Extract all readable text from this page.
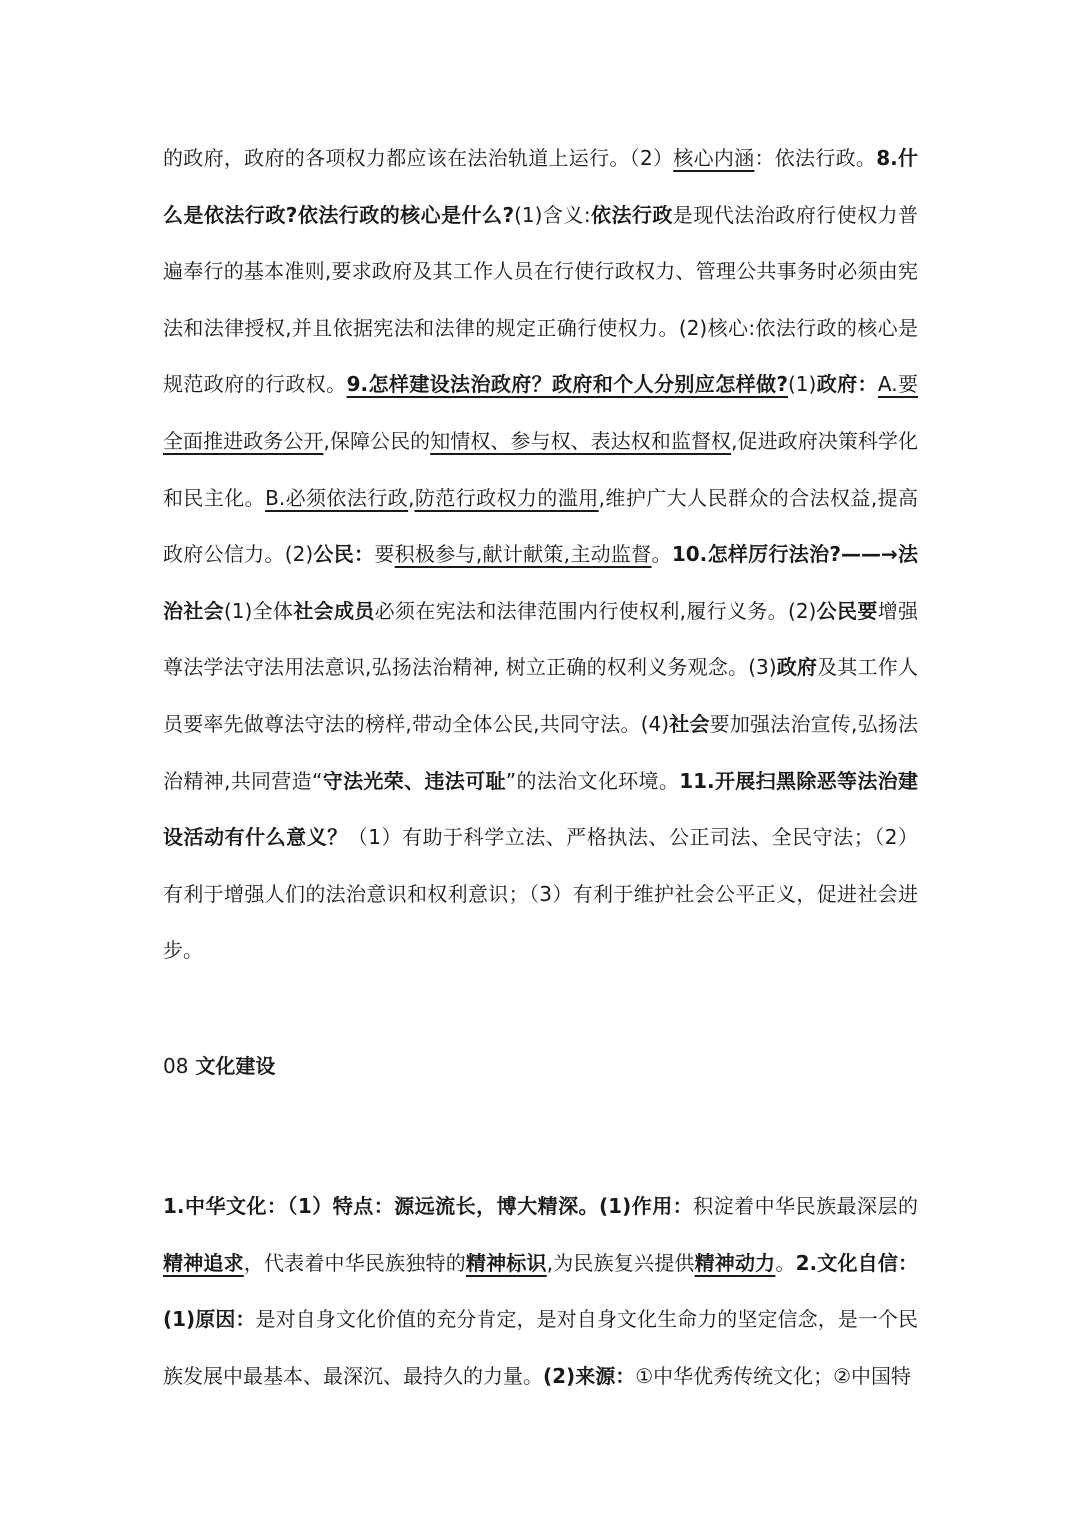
的政府，政府的各项权力都应该在法治轨道上运行。（2）核心内涵：依法行政。8.什么是依法行政?依法行政的核心是什么?(1)含义:依法行政是现代法治政府行使权力普遍奉行的基本准则,要求政府及其工作人员在行使行政权力、管理公共事务时必须由宪法和法律授权,并且依据宪法和法律的规定正确行使权力。(2)核心:依法行政的核心是规范政府的行政权。9.怎样建设法治政府？政府和个人分别应怎样做?(1)政府：A.要全面推进政务公开,保障公民的知情权、参与权、表达权和监督权,促进政府决策科学化和民主化。B.必须依法行政,防范行政权力的滥用,维护广大人民群众的合法权益,提高政府公信力。(2)公民：要积极参与,献计献策,主动监督。10.怎样厉行法治?——→法治社会(1)全体社会成员必须在宪法和法律范围内行使权利,履行义务。(2)公民要增强尊法学法守法用法意识,弘扬法治精神, 树立正确的权利义务观念。(3)政府及其工作人员要率先做尊法守法的榜样,带动全体公民,共同守法。(4)社会要加强法治宣传,弘扬法治精神,共同营造“守法光荣、违法可耻”的法治文化环境。11.开展扫黑除恶等法治建设活动有什么意义？（1）有助于科学立法、严格执法、公正司法、全民守法；（2）有利于增强人们的法治意识和权利意识；（3）有利于维护社会公平正义，促进社会进步。

08 文化建设

1.中华文化：（1）特点：源远流长，博大精深。(1)作用：积淀着中华民族最深层的精神追求，代表着中华民族独特的精神标识,为民族复兴提供精神动力。2.文化自信：(1)原因：是对自身文化价值的充分肯定，是对自身文化生命力的坚定信念，是一个民族发展中最基本、最深沉、最持久的力量。(2)来源：①中华优秀传统文化；②中国特
